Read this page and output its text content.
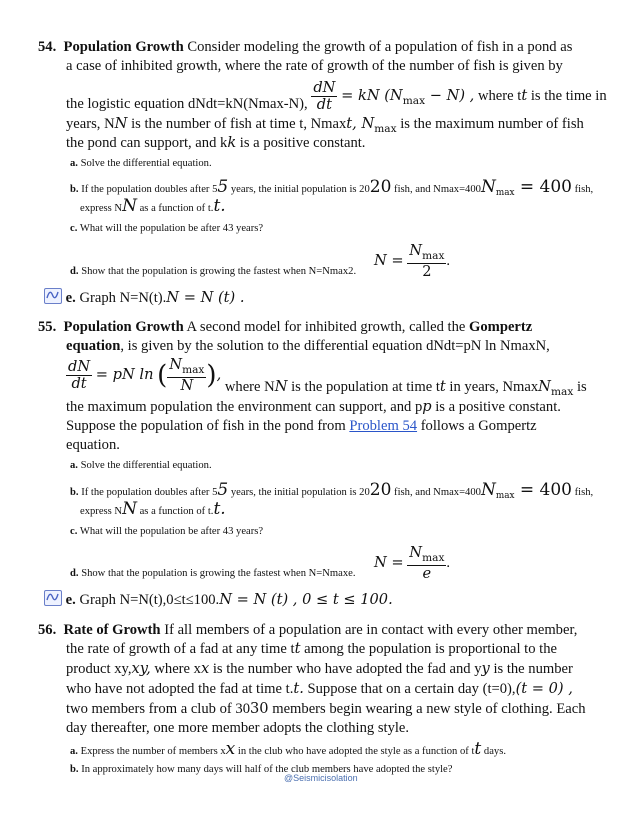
54. Population Growth Consider modeling the growth of a population of fish in a pond as
a case of inhibited growth, where the rate of growth of the number of fish is given by
the logistic equation dNdt=kN(Nmax-N), $\frac{dN}{dt}$ = kN $(N_{max} - N)$ , where tt is the time in
years, NN is the number of fish at time t, Nmaxt, $N_{max}$ is the maximum number of fish
the pond can support, and kk is a positive constant.
a. Solve the differential equation.
b. If the population doubles after 55 years, the initial population is 2020 fish, and $Nmax=400N_{max} = 400$ fish,
express NN as a function of t.t.
c. What will the population be after 43 years?
$N = \frac{N_{max}}{2}$ .
d. Show that the population is growing the fastest when N=Nmax2.
e. Graph N=N(t).N = N (t) .
55. Population Growth A second model for inhibited growth, called the Gompertz
equation, is given by the solution to the differential equation dNdt=pN ln NmaxN,
$\frac{dN}{dt}$ = pN ln ( $\frac{N_{max}}{N}$ ), where NN is the population at time tt in years, NmaxN$_{max}$ is
the maximum population the environment can support, and pp is a positive constant.
Suppose the population of fish in the pond from Problem 54 follows a Gompertz
equation.
a. Solve the differential equation.
b. If the population doubles after 55 years, the initial population is 2020 fish, and $Nmax=400N_{max} = 400$ fish,
express NN as a function of t.t.
c. What will the population be after 43 years?
$N = \frac{N_{max}}{e}$ .
d. Show that the population is growing the fastest when N=Nmaxe.
e. Graph N=N(t),0≤t≤100.N = N (t) , 0 ≤ t ≤ 100.
56. Rate of Growth If all members of a population are in contact with every other member,
the rate of growth of a fad at any time tt among the population is proportional to the
product xy,xy, where xx is the number who have adopted the fad and yy is the number
who have not adopted the fad at time t.t. Suppose that on a certain day (t=0),(t = 0) ,
two members from a club of 3030 members begin wearing a new style of clothing. Each
day thereafter, one more member adopts the clothing style.
a. Express the number of members xx in the club who have adopted the style as a function of tt days.
b. In approximately how many days will half of the club members have adopted the style?
@Seismicisolation
